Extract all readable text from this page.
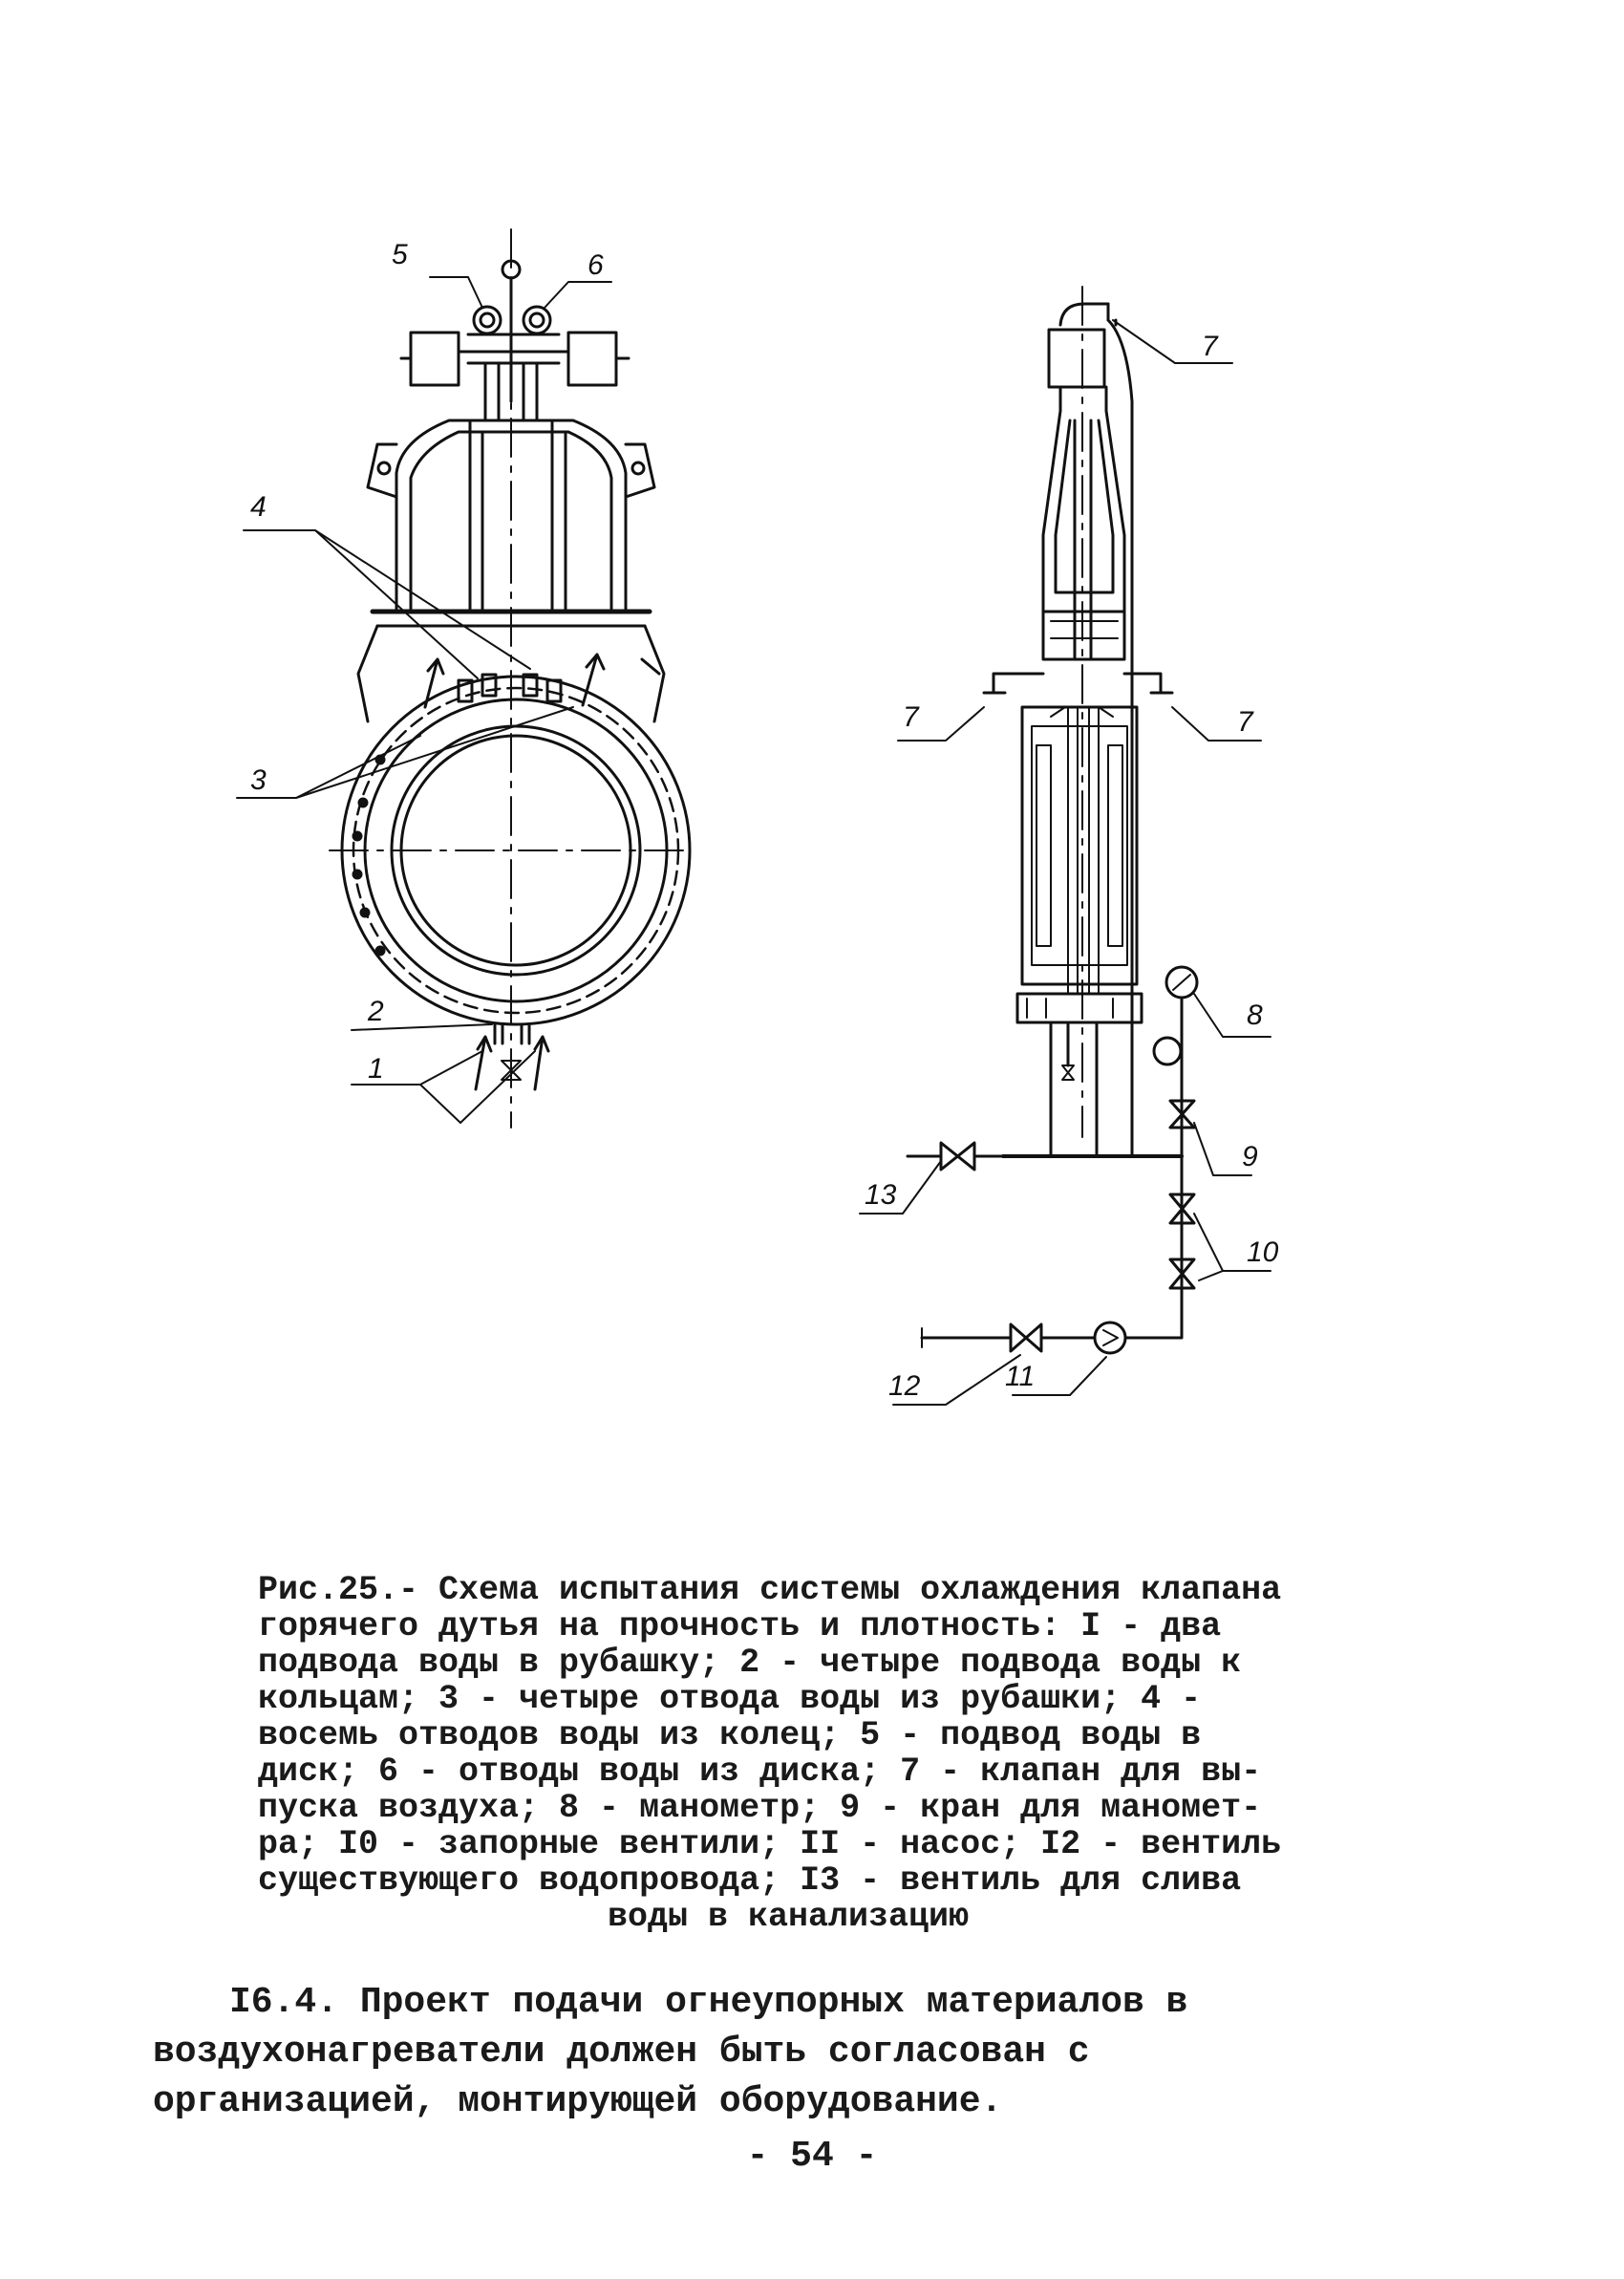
5	6
4
3
2
1
7
7	7
8
9
10
13
11
12
Рис.25.- Схема испытания системы охлаждения клапана
горячего дутья на прочность и плотность: I - два
подвода воды в рубашку; 2 - четыре подвода воды к
кольцам; 3 - четыре отвода воды из рубашки; 4 -
восемь отводов воды из колец; 5 - подвод воды в
диск; 6 - отводы воды из диска; 7 - клапан для вы-
пуска воздуха; 8 - манометр; 9 - кран для маномет-
ра; I0 - запорные вентили; II - насос; I2 - вентиль
существующего водопровода; I3 - вентиль для слива
воды в канализацию
I6.4. Проект подачи огнеупорных материалов в воздухонагреватели должен быть согласован с организацией, монтирующей оборудование.
- 54 -
